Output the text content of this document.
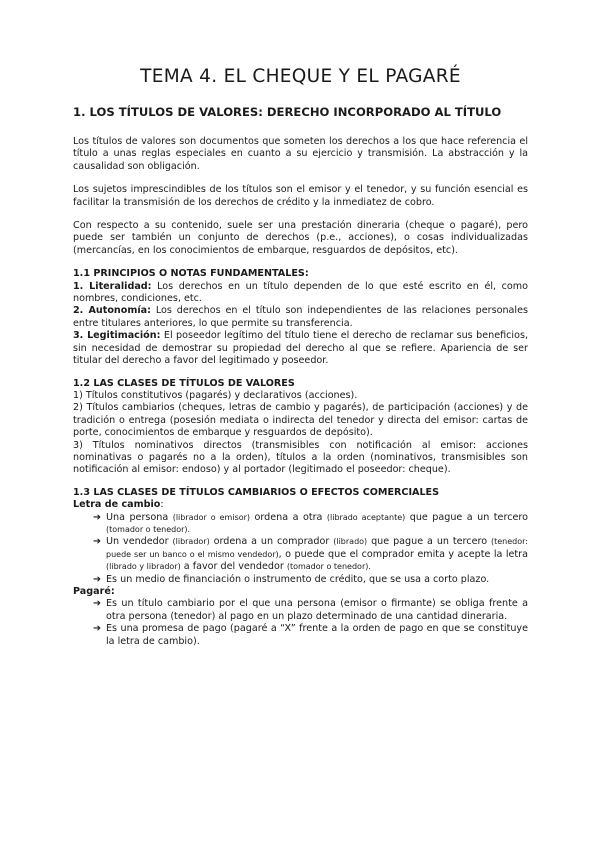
TEMA 4. EL CHEQUE Y EL PAGARÉ
1. LOS TÍTULOS DE VALORES: DERECHO INCORPORADO AL TÍTULO

Los títulos de valores son documentos que someten los derechos a los que hace referencia el título a unas reglas especiales en cuanto a su ejercicio y transmisión. La abstracción y la causalidad son obligación.

Los sujetos imprescindibles de los títulos son el emisor y el tenedor, y su función esencial es facilitar la transmisión de los derechos de crédito y la inmediatez de cobro.

Con respecto a su contenido, suele ser una prestación dineraria (cheque o pagaré), pero puede ser también un conjunto de derechos (p.e., acciones), o cosas individualizadas (mercancías, en los conocimientos de embarque, resguardos de depósitos, etc).

1.1 PRINCIPIOS O NOTAS FUNDAMENTALES:

1. Literalidad: Los derechos en un título dependen de lo que esté escrito en él, como nombres, condiciones, etc.

2. Autonomía: Los derechos en el título son independientes de las relaciones personales entre titulares anteriores, lo que permite su transferencia.

3. Legitimación: El poseedor legítimo del título tiene el derecho de reclamar sus beneficios, sin necesidad de demostrar su propiedad del derecho al que se refiere. Apariencia de ser titular del derecho a favor del legitimado y poseedor.

1.2 LAS CLASES DE TÍTULOS DE VALORES

1) Títulos constitutivos (pagarés) y declarativos (acciones).

2) Títulos cambiarios (cheques, letras de cambio y pagarés), de participación (acciones) y de tradición o entrega (posesión mediata o indirecta del tenedor y directa del emisor: cartas de porte, conocimientos de embarque y resguardos de depósito).

3) Títulos nominativos directos (transmisibles con notificación al emisor: acciones nominativas o pagarés no a la orden), títulos a la orden (nominativos, transmisibles son notificación al emisor: endoso) y al portador (legitimado el poseedor: cheque).

1.3 LAS CLASES DE TÍTULOS CAMBIARIOS O EFECTOS COMERCIALES

Letra de cambio:

➔ Una persona (librador o emisor) ordena a otra (librado aceptante) que pague a un tercero (tomador o tenedor).
➔ Un vendedor (librador) ordena a un comprador (librado) que pague a un tercero (tenedor: puede ser un banco o el mismo vendedor), o puede que el comprador emita y acepte la letra (librado y librador) a favor del vendedor (tomador o tenedor).
➔ Es un medio de financiación o instrumento de crédito, que se usa a corto plazo.

Pagaré:

➔ Es un título cambiario por el que una persona (emisor o firmante) se obliga frente a otra persona (tenedor) al pago en un plazo determinado de una cantidad dineraria.
➔ Es una promesa de pago (pagaré a “X” frente a la orden de pago en que se constituye la letra de cambio).
